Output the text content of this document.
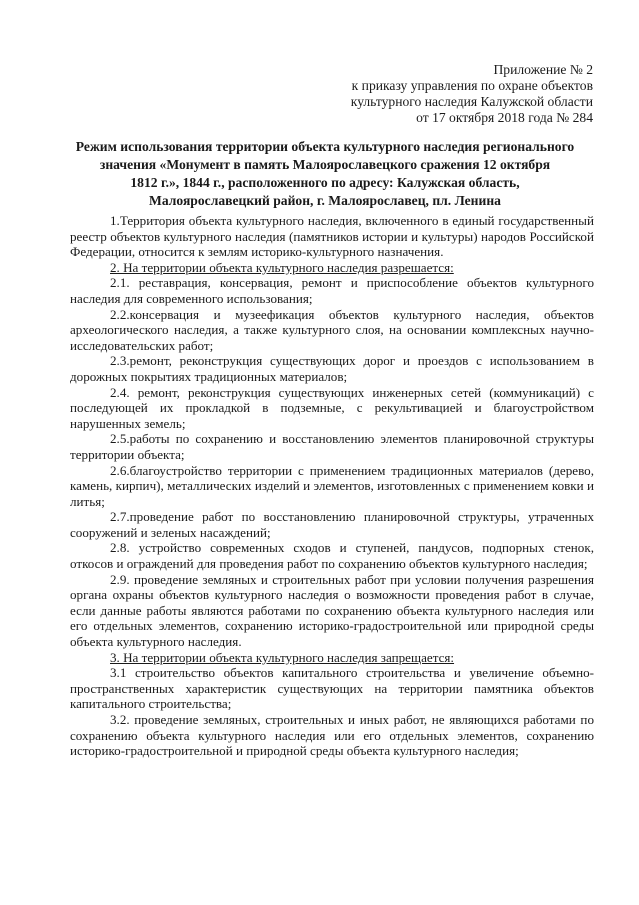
Приложение № 2
к приказу управления по охране объектов
культурного наследия Калужской области
от 17 октября 2018 года № 284
Режим использования территории объекта культурного наследия регионального
значения «Монумент в память Малоярославецкого сражения 12 октября
1812 г.», 1844 г., расположенного по адресу: Калужская область,
Малоярославецкий район, г. Малоярославец, пл. Ленина

1.Территория объекта культурного наследия, включенного в единый государственный реестр объектов культурного наследия (памятников истории и культуры) народов Российской Федерации, относится к землям историко-культурного назначения.

2. На территории объекта культурного наследия разрешается:

2.1. реставрация, консервация, ремонт и приспособление объектов культурного наследия для современного использования;

2.2.консервация и музеефикация объектов культурного наследия, объектов археологического наследия, а также культурного слоя, на основании комплексных научно-исследовательских работ;

2.3.ремонт, реконструкция существующих дорог и проездов с использованием в дорожных покрытиях традиционных материалов;

2.4. ремонт, реконструкция существующих инженерных сетей (коммуникаций) с последующей их прокладкой в подземные, с рекультивацией и благоустройством нарушенных земель;

2.5.работы по сохранению и восстановлению элементов планировочной структуры территории объекта;

2.6.благоустройство территории с применением традиционных материалов (дерево, камень, кирпич), металлических изделий и элементов, изготовленных с применением ковки и литья;

2.7.проведение работ по восстановлению планировочной структуры, утраченных сооружений и зеленых насаждений;

2.8. устройство современных сходов и ступеней, пандусов, подпорных стенок, откосов и ограждений для проведения работ по сохранению объектов культурного наследия;

2.9. проведение земляных и строительных работ при условии получения разрешения органа охраны объектов культурного наследия о возможности проведения работ в случае, если данные работы являются работами по сохранению объекта культурного наследия или его отдельных элементов, сохранению историко-градостроительной или природной среды объекта культурного наследия.

3. На территории объекта культурного наследия запрещается:

3.1 строительство объектов капитального строительства и увеличение объемно-пространственных характеристик существующих на территории памятника объектов капитального строительства;

3.2. проведение земляных, строительных и иных работ, не являющихся работами по сохранению объекта культурного наследия или его отдельных элементов, сохранению историко-градостроительной и природной среды объекта культурного наследия;
